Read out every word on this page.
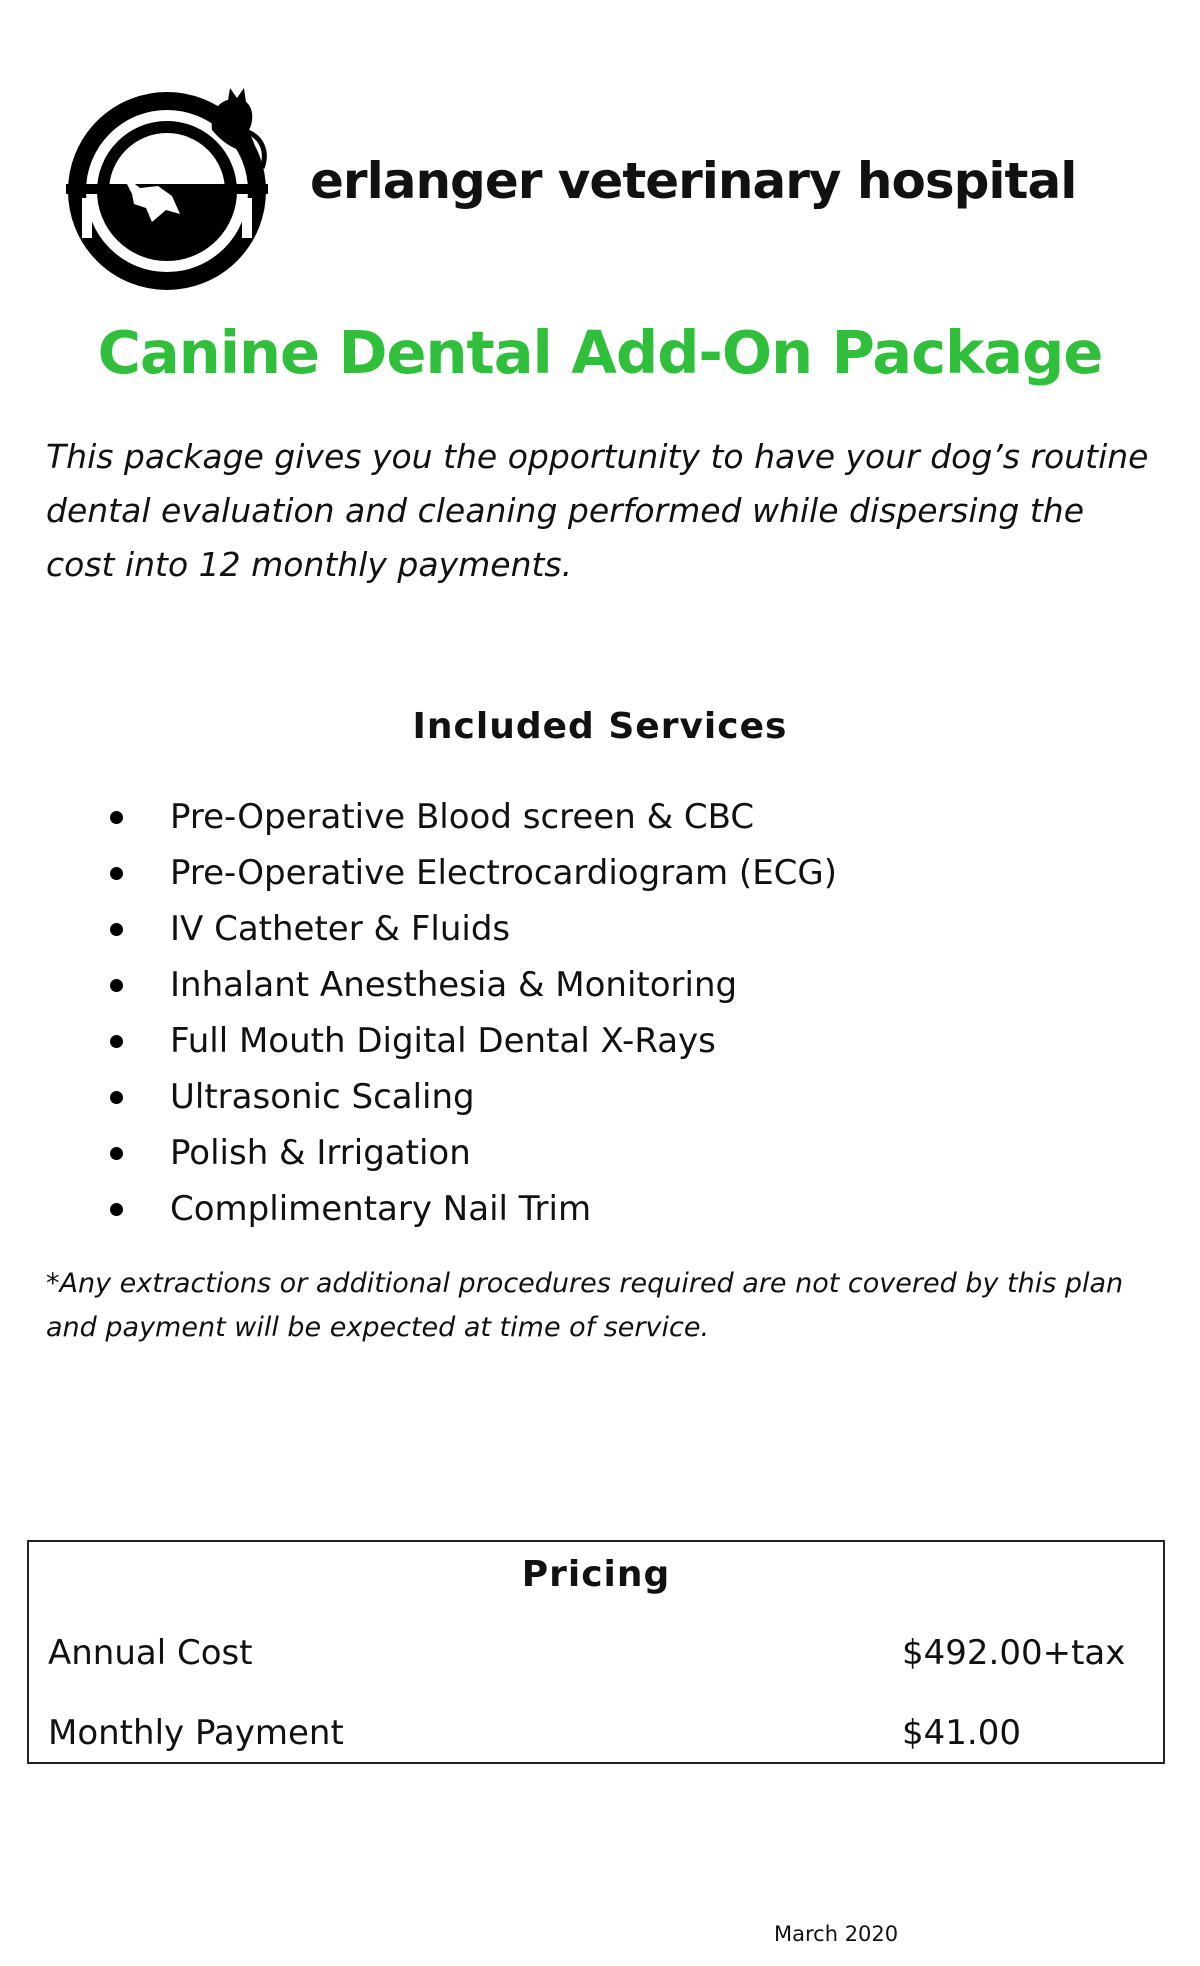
erlanger veterinary hospital
Canine Dental Add-On Package
This package gives you the opportunity to have your dog’s routine dental evaluation and cleaning performed while dispersing the cost into 12 monthly payments.
Included Services
Pre-Operative Blood screen & CBC
Pre-Operative Electrocardiogram (ECG)
IV Catheter & Fluids
Inhalant Anesthesia & Monitoring
Full Mouth Digital Dental X-Rays
Ultrasonic Scaling
Polish & Irrigation
Complimentary Nail Trim
*Any extractions or additional procedures required are not covered by this plan and payment will be expected at time of service.
Pricing
Annual Cost	$492.00+tax
Monthly Payment	$41.00
March 2020
